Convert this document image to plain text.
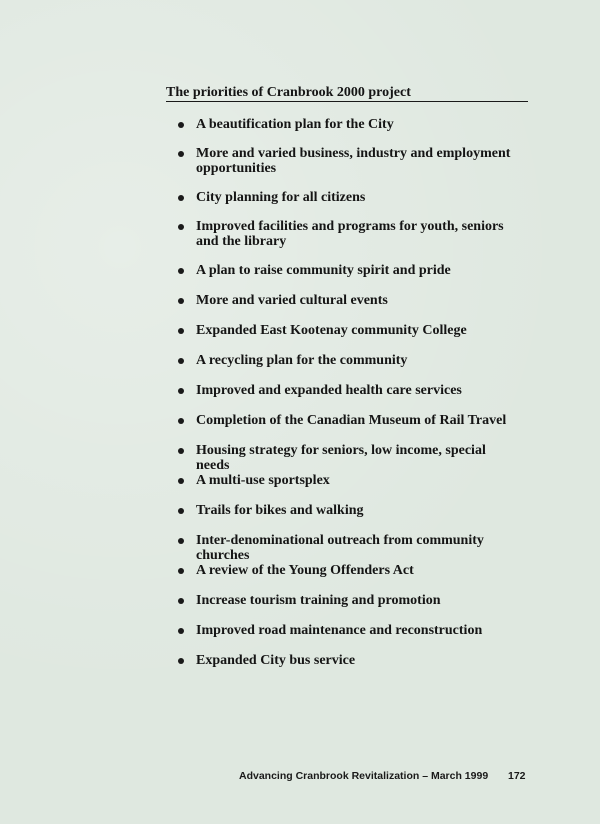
The priorities of Cranbrook 2000 project
A beautification plan for the City
More and varied business, industry and employment opportunities
City planning for all citizens
Improved facilities and programs for youth, seniors and the library
A plan to raise community spirit and pride
More and varied cultural events
Expanded East Kootenay community College
A recycling plan for the community
Improved and expanded health care services
Completion of the Canadian Museum of Rail Travel
Housing strategy for seniors, low income, special needs
A multi-use sportsplex
Trails for bikes and walking
Inter-denominational outreach from community churches
A review of the Young Offenders Act
Increase tourism training and promotion
Improved road maintenance and reconstruction
Expanded City bus service
Advancing Cranbrook Revitalization – March 1999 172
